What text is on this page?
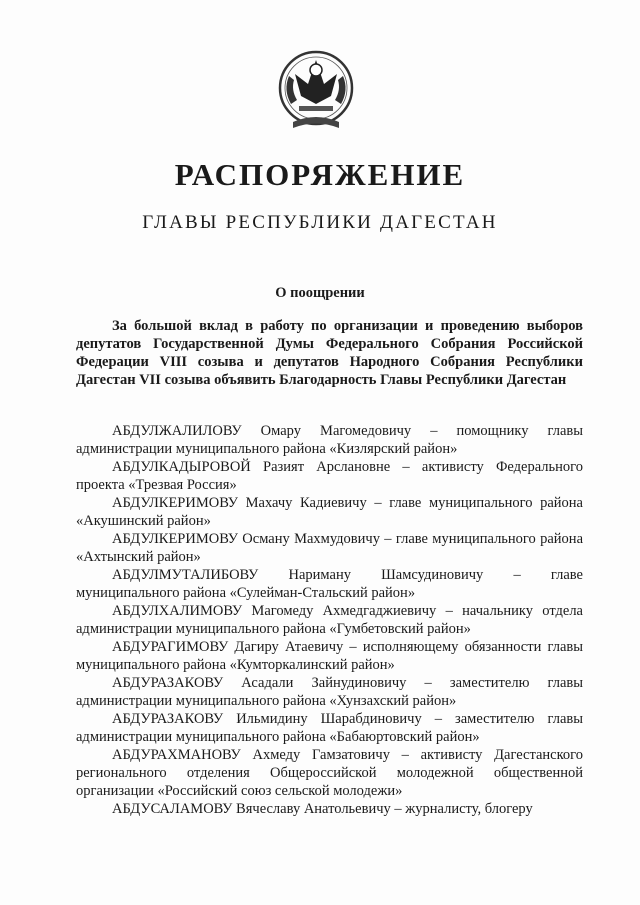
РАСПОРЯЖЕНИЕ
ГЛАВЫ РЕСПУБЛИКИ ДАГЕСТАН
О поощрении

За большой вклад в работу по организации и проведению выборов депутатов Государственной Думы Федерального Собрания Российской Федерации VIII созыва и депутатов Народного Собрания Республики Дагестан VII созыва объявить Благодарность Главы Республики Дагестан

АБДУЛЖАЛИЛОВУ Омару Магомедовичу – помощнику главы администрации муниципального района «Кизлярский район»
АБДУЛКАДЫРОВОЙ Разият Арслановне – активисту Федерального проекта «Трезвая Россия»
АБДУЛКЕРИМОВУ Махачу Кадиевичу – главе муниципального района «Акушинский район»
АБДУЛКЕРИМОВУ Осману Махмудовичу – главе муниципального района «Ахтынский район»
АБДУЛМУТАЛИБОВУ Нариману Шамсудиновичу – главе муниципального района «Сулейман-Стальский район»
АБДУЛХАЛИМОВУ Магомеду Ахмедгаджиевичу – начальнику отдела администрации муниципального района «Гумбетовский район»
АБДУРАГИМОВУ Дагиру Атаевичу – исполняющему обязанности главы муниципального района «Кумторкалинский район»
АБДУРАЗАКОВУ Асадали Зайнудиновичу – заместителю главы администрации муниципального района «Хунзахский район»
АБДУРАЗАКОВУ Ильмидину Шарабдиновичу – заместителю главы администрации муниципального района «Бабаюртовский район»
АБДУРАХМАНОВУ Ахмеду Гамзатовичу – активисту Дагестанского регионального отделения Общероссийской молодежной общественной организации «Российский союз сельской молодежи»
АБДУСАЛАМОВУ Вячеславу Анатольевичу – журналисту, блогеру
